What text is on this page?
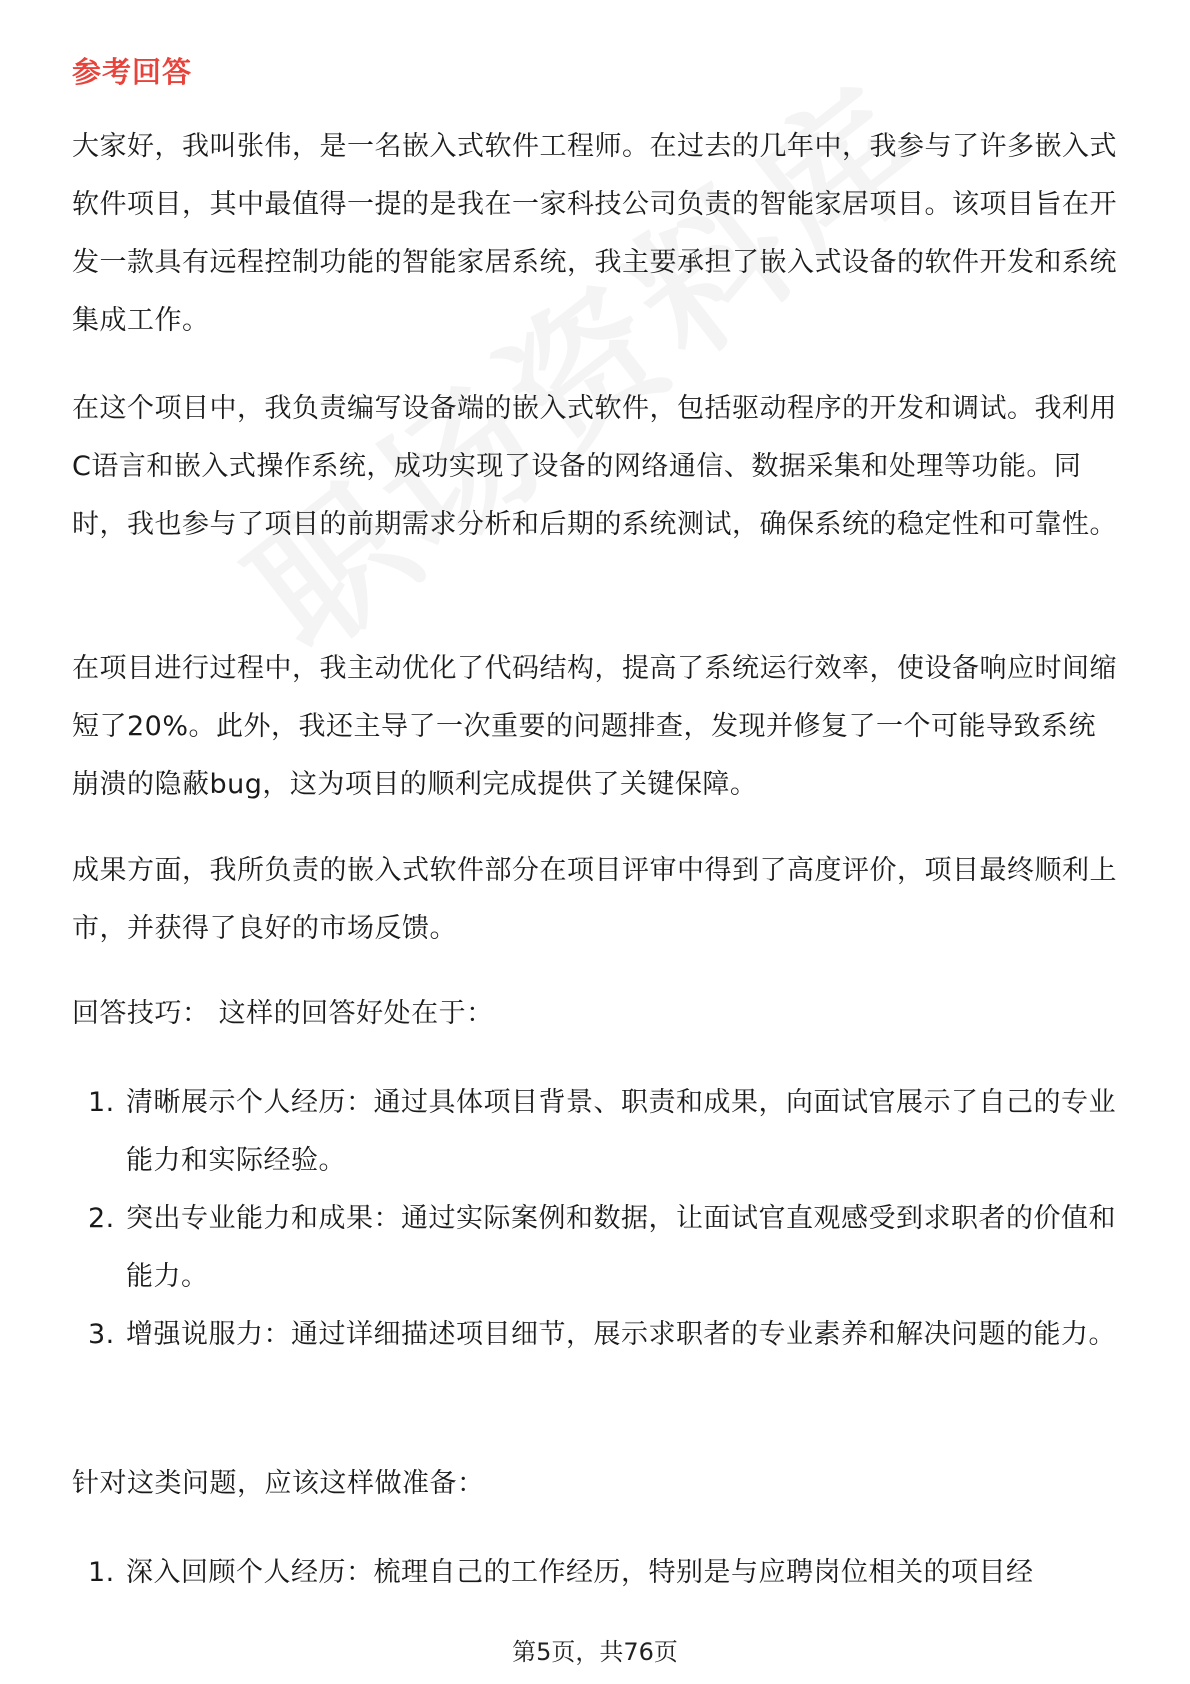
参考回答

大家好，我叫张伟，是一名嵌入式软件工程师。在过去的几年中，我参与了许多嵌入式软件项目，其中最值得一提的是我在一家科技公司负责的智能家居项目。该项目旨在开发一款具有远程控制功能的智能家居系统，我主要承担了嵌入式设备的软件开发和系统集成工作。

在这个项目中，我负责编写设备端的嵌入式软件，包括驱动程序的开发和调试。我利用C语言和嵌入式操作系统，成功实现了设备的网络通信、数据采集和处理等功能。同时，我也参与了项目的前期需求分析和后期的系统测试，确保系统的稳定性和可靠性。

在项目进行过程中，我主动优化了代码结构，提高了系统运行效率，使设备响应时间缩短了20%。此外，我还主导了一次重要的问题排查，发现并修复了一个可能导致系统崩溃的隐蔽bug，这为项目的顺利完成提供了关键保障。

成果方面，我所负责的嵌入式软件部分在项目评审中得到了高度评价，项目最终顺利上市，并获得了良好的市场反馈。

回答技巧： 这样的回答好处在于：

1. 清晰展示个人经历：通过具体项目背景、职责和成果，向面试官展示了自己的专业能力和实际经验。
2. 突出专业能力和成果：通过实际案例和数据，让面试官直观感受到求职者的价值和能力。
3. 增强说服力：通过详细描述项目细节，展示求职者的专业素养和解决问题的能力。

针对这类问题，应该这样做准备：

1. 深入回顾个人经历：梳理自己的工作经历，特别是与应聘岗位相关的项目经
第5页，共76页
